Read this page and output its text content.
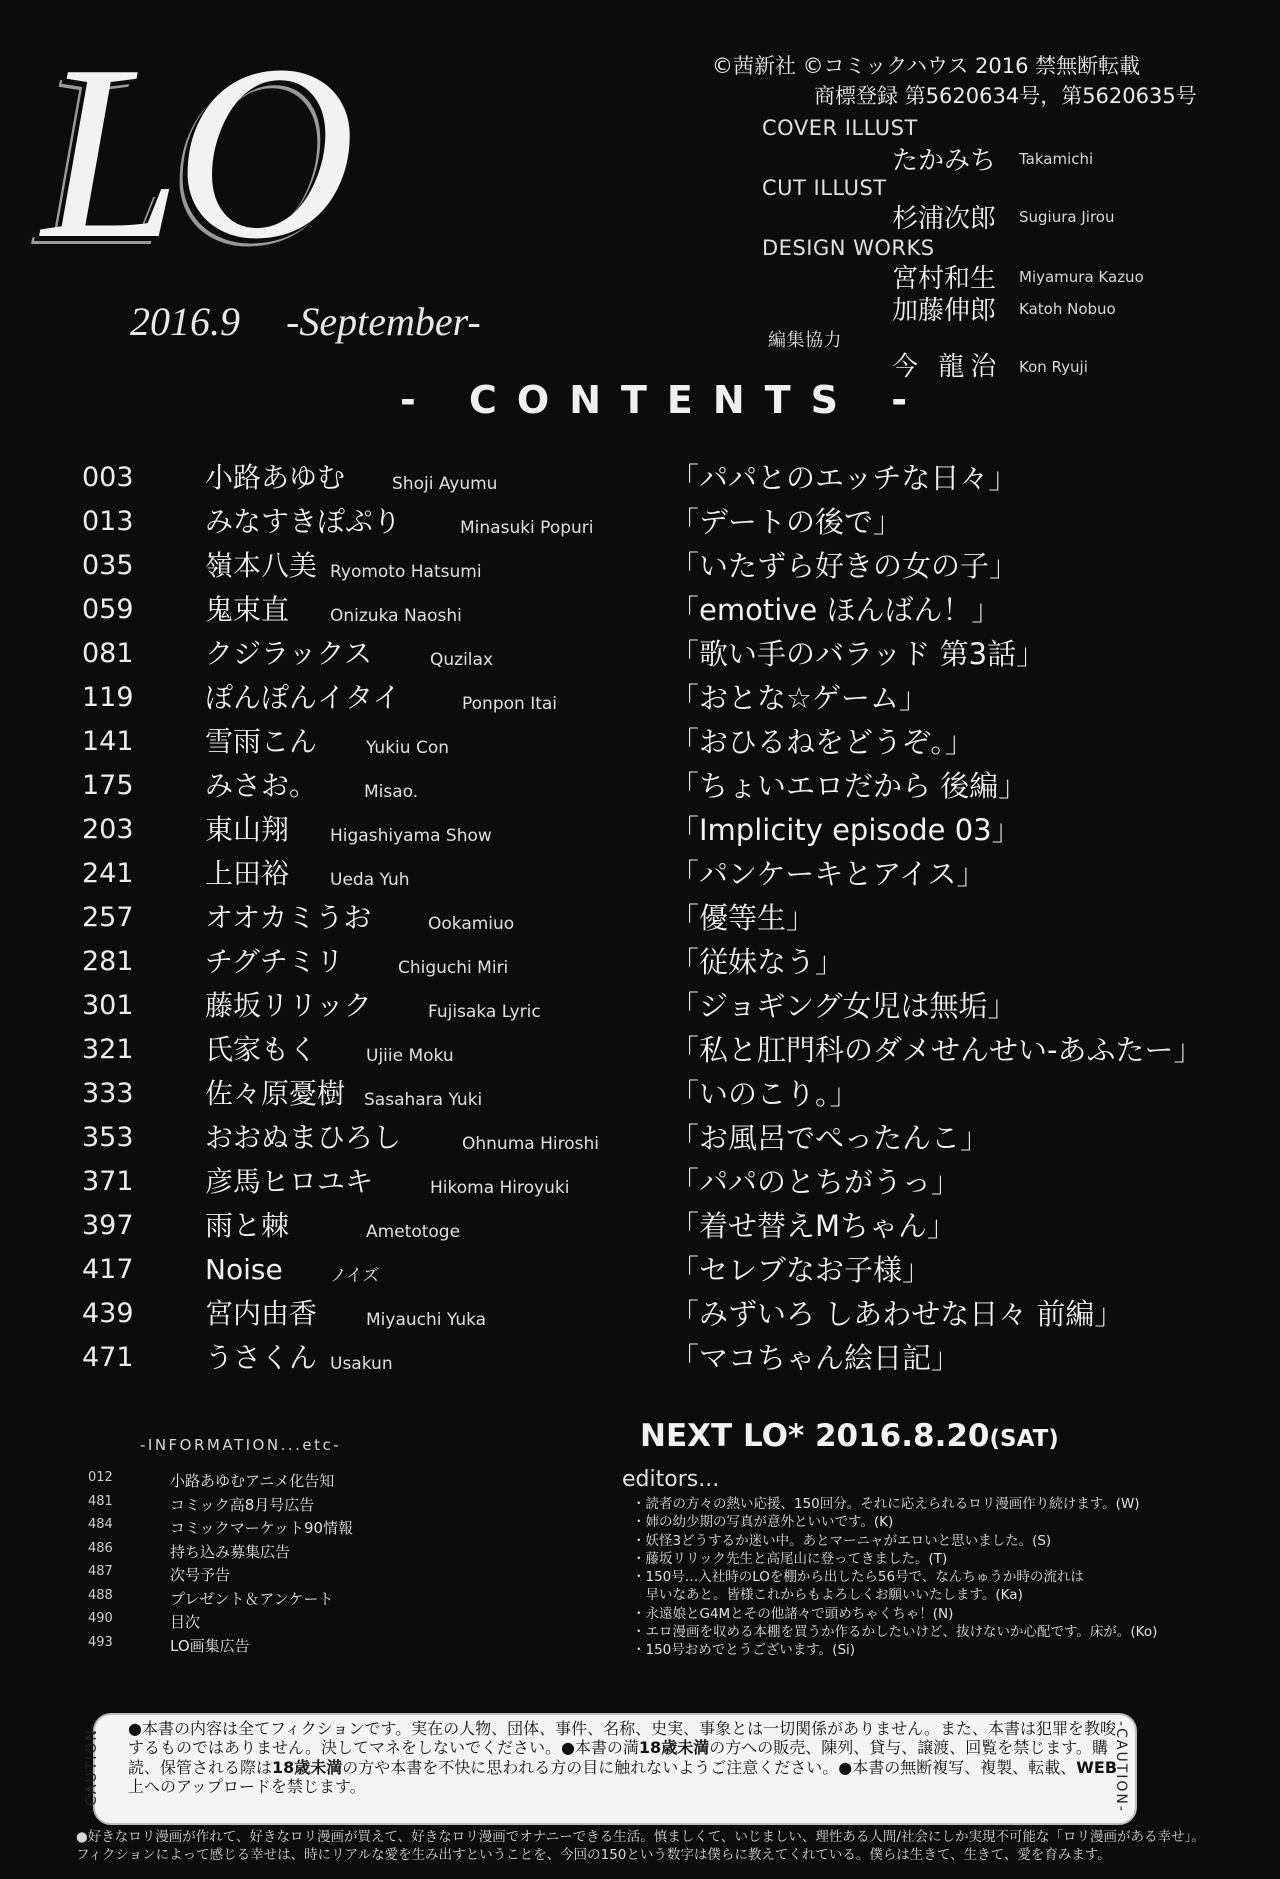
LO
2016.9 -September-
©茜新社 ©コミックハウス 2016 禁無断転載
商標登録 第5620634号，第5620635号
COVER ILLUST
たかみち Takamichi
CUT ILLUST
杉浦次郎 Sugiura Jirou
DESIGN WORKS
宮村和生 Miyamura Kazuo
加藤伸郎 Katoh Nobuo
編集協力
今 龍治 Kon Ryuji
- CONTENTS -
003	小路あゆむ	Shoji Ayumu	「パパとのエッチな日々」
013	みなすきぽぷり	Minasuki Popuri	「デートの後で」
035	嶺本八美 Ryomoto Hatsumi	「いたずら好きの女の子」
059	鬼束直 Onizuka Naoshi	「emotive ほんばん！」
081	クジラックス	Quzilax	「歌い手のバラッド 第3話」
119	ぽんぽんイタイ	Ponpon Itai	「おとな☆ゲーム」
141	雪雨こん	Yukiu Con	「おひるねをどうぞ。」
175	みさお。	Misao.	「ちょいエロだから 後編」
203	東山翔 Higashiyama Show	「Implicity episode 03」
241	上田裕 Ueda Yuh	「パンケーキとアイス」
257	オオカミうお	Ookamiuo	「優等生」
281	チグチミリ	Chiguchi Miri	「従妹なう」
301	藤坂リリック	Fujisaka Lyric	「ジョギング女児は無垢」
321	氏家もく	Ujiie Moku	「私と肛門科のダメせんせい-あふたー」
333	佐々原憂樹 Sasahara Yuki	「いのこり。」
353	おおぬまひろし	Ohnuma Hiroshi 「お風呂でぺったんこ」
371	彦馬ヒロユキ	Hikoma Hiroyuki	「パパのとちがうっ」
397	雨と棘	Ametotoge	「着せ替えMちゃん」
417	Noise	ノイズ	「セレブなお子様」
439	宮内由香	Miyauchi Yuka	「みずいろ しあわせな日々 前編」
471	うさくん Usakun	「マコちゃん絵日記」
-INFORMATION...etc-
012	小路あゆむアニメ化告知
481	コミック高8月号広告
484	コミックマーケット90情報
486	持ち込み募集広告
487	次号予告
488	プレゼント＆アンケート
490	目次
493	LO画集広告
NEXT LO* 2016.8.20(SAT)
editors...
・読者の方々の熱い応援、150回分。それに応えられるロリ漫画作り続けます。(W)
・姉の幼少期の写真が意外といいです。(K)
・妖怪3どうするか迷い中。あとマーニャがエロいと思いました。(S)
・藤坂リリック先生と高尾山に登ってきました。(T)
・150号…入社時のLOを棚から出したら56号で、なんちゅうか時の流れは
　早いなあと。皆様これからもよろしくお願いいたします。(Ka)
・永遠娘とG4Mとその他諸々で頭めちゃくちゃ！(N)
・エロ漫画を収める本棚を買うか作るかしたいけど、抜けないか心配です。床が。(Ko)
・150号おめでとうございます。(Si)
-CAUTION-	-CAUTION-
●本書の内容は全てフィクションです。実在の人物、団体、事件、名称、史実、事象とは一切関係がありません。また、本書は犯罪を教唆するものではありません。決してマネをしないでください。●本書の満18歳未満の方への販売、陳列、貸与、譲渡、回覧を禁じます。購読、保管される際は18歳未満の方や本書を不快に思われる方の目に触れないようご注意ください。●本書の無断複写、複製、転載、WEB上へのアップロードを禁じます。
●好きなロリ漫画が作れて、好きなロリ漫画が買えて、好きなロリ漫画でオナニーできる生活。慎ましくて、いじましい、理性ある人間/社会にしか実現不可能な「ロリ漫画がある幸せ」。
フィクションによって感じる幸せは、時にリアルな愛を生み出すということを、今回の150という数字は僕らに教えてくれている。僕らは生きて、生きて、愛を育みます。
